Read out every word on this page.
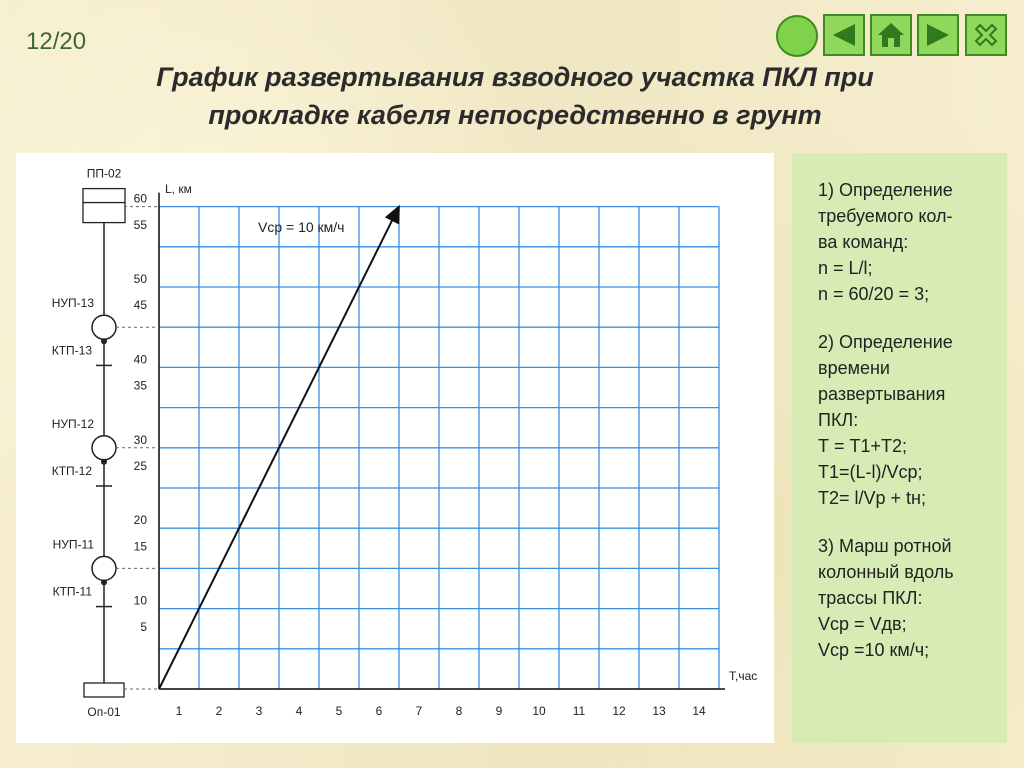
12/20
График развертывания взводного участка ПКЛ при
прокладке кабеля непосредственно в грунт
1	2	3	4	5	6	7	8	9 10 11 12 13 14
5
10
15
20
25
30
35
40
45
50
55
60
ПП-02
НУП-13
КТП-13
НУП-12
КТП-12
НУП-11
КТП-11
Оп-01
L, км
Т,час
Vср = 10 км/ч
1) Определение
требуемого кол-
ва команд:
n = L/l;
n = 60/20 = 3;
2) Определение
времени
развертывания
ПКЛ:
Т = Т1+Т2;
Т1=(L-l)/Vср;
Т2= l/Vр + tн;
3) Марш ротной
колонный вдоль
трассы ПКЛ:
Vср = Vдв;
Vср =10 км/ч;
